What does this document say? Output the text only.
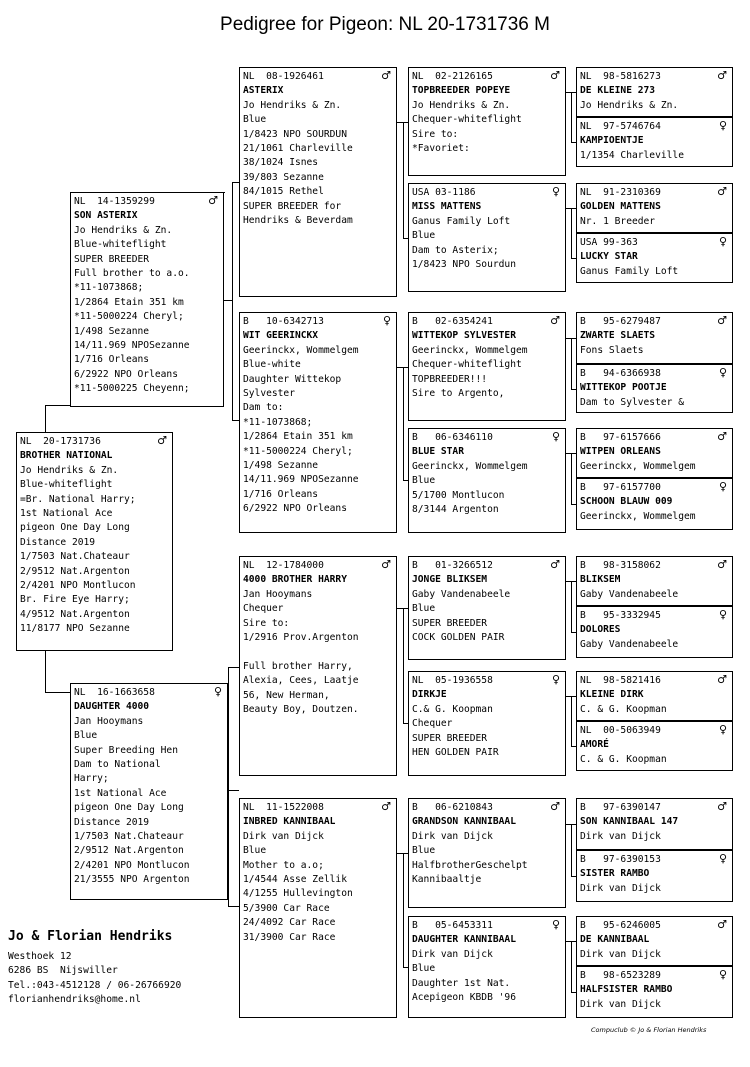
Pedigree for Pigeon: NL 20-1731736 M
NL  20-1731736	♂
BROTHER NATIONAL
Jo Hendriks & Zn.
Blue-whiteflight
=Br. National Harry;
1st National Ace
pigeon One Day Long
Distance 2019
1/7503 Nat.Chateaur
2/9512 Nat.Argenton
2/4201 NPO Montlucon
Br. Fire Eye Harry;
4/9512 Nat.Argenton
11/8177 NPO Sezanne
NL  14-1359299	♂
SON ASTERIX
Jo Hendriks & Zn.
Blue-whiteflight
SUPER BREEDER
Full brother to a.o.
*11-1073868;
1/2864 Etain 351 km
*11-5000224 Cheryl;
1/498 Sezanne
14/11.969 NPOSezanne
1/716 Orleans
6/2922 NPO Orleans
*11-5000225 Cheyenn;
NL  16-1663658	♀
DAUGHTER 4000
Jan Hooymans
Blue
Super Breeding Hen
Dam to National
Harry;
1st National Ace
pigeon One Day Long
Distance 2019
1/7503 Nat.Chateaur
2/9512 Nat.Argenton
2/4201 NPO Montlucon
21/3555 NPO Argenton
NL  08-1926461	♂
ASTERIX
Jo Hendriks & Zn.
Blue
1/8423 NPO SOURDUN
21/1061 Charleville
38/1024 Isnes
39/803 Sezanne
84/1015 Rethel
SUPER BREEDER for
Hendriks & Beverdam
B   10-6342713	♀
WIT GEERINCKX
Geerinckx, Wommelgem
Blue-white
Daughter Wittekop
Sylvester
Dam to:
*11-1073868;
1/2864 Etain 351 km
*11-5000224 Cheryl;
1/498 Sezanne
14/11.969 NPOSezanne
1/716 Orleans
6/2922 NPO Orleans
NL  12-1784000	♂
4000 BROTHER HARRY
Jan Hooymans
Chequer
Sire to:
1/2916 Prov.Argenton
Full brother Harry,
Alexia, Cees, Laatje
56, New Herman,
Beauty Boy, Doutzen.
NL  11-1522008	♂
INBRED KANNIBAAL
Dirk van Dijck
Blue
Mother to a.o;
1/4544 Asse Zellik
4/1255 Hullevington
5/3900 Car Race
24/4092 Car Race
31/3900 Car Race
NL  02-2126165	♂
TOPBREEDER POPEYE
Jo Hendriks & Zn.
Chequer-whiteflight
Sire to:
*Favoriet:
USA 03-1186	♀
MISS MATTENS
Ganus Family Loft
Blue
Dam to Asterix;
1/8423 NPO Sourdun
B   02-6354241	♂
WITTEKOP SYLVESTER
Geerinckx, Wommelgem
Chequer-whiteflight
TOPBREEDER!!!
Sire to Argento,
B   06-6346110	♀
BLUE STAR
Geerinckx, Wommelgem
Blue
5/1700 Montlucon
8/3144 Argenton
B   01-3266512	♂
JONGE BLIKSEM
Gaby Vandenabeele
Blue
SUPER BREEDER
COCK GOLDEN PAIR
NL  05-1936558	♀
DIRKJE
C.& G. Koopman
Chequer
SUPER BREEDER
HEN GOLDEN PAIR
B   06-6210843	♂
GRANDSON KANNIBAAL
Dirk van Dijck
Blue
HalfbrotherGeschelpt
Kannibaaltje
B   05-6453311	♀
DAUGHTER KANNIBAAL
Dirk van Dijck
Blue
Daughter 1st Nat.
Acepigeon KBDB '96
NL  98-5816273	♂
DE KLEINE 273
Jo Hendriks & Zn.
NL  97-5746764	♀
KAMPIOENTJE
1/1354 Charleville
NL  91-2310369	♂
GOLDEN MATTENS
Nr. 1 Breeder
USA 99-363	♀
LUCKY STAR
Ganus Family Loft
B   95-6279487	♂
ZWARTE SLAETS
Fons Slaets
B   94-6366938	♀
WITTEKOP POOTJE
Dam to Sylvester &
B   97-6157666	♂
WITPEN ORLEANS
Geerinckx, Wommelgem
B   97-6157700	♀
SCHOON BLAUW 009
Geerinckx, Wommelgem
B   98-3158062	♂
BLIKSEM
Gaby Vandenabeele
B   95-3332945	♀
DOLORES
Gaby Vandenabeele
NL  98-5821416	♂
KLEINE DIRK
C. & G. Koopman
NL  00-5063949	♀
AMORÉ
C. & G. Koopman
B   97-6390147	♂
SON KANNIBAAL 147
Dirk van Dijck
B   97-6390153	♀
SISTER RAMBO
Dirk van Dijck
B   95-6246005	♂
DE KANNIBAAL
Dirk van Dijck
B   98-6523289	♀
HALFSISTER RAMBO
Dirk van Dijck
Jo & Florian Hendriks
Westhoek 12
6286 BS  Nijswiller
Tel.:043-4512128 / 06-26766920
florianhendriks@home.nl
Compuclub © Jo & Florian Hendriks
